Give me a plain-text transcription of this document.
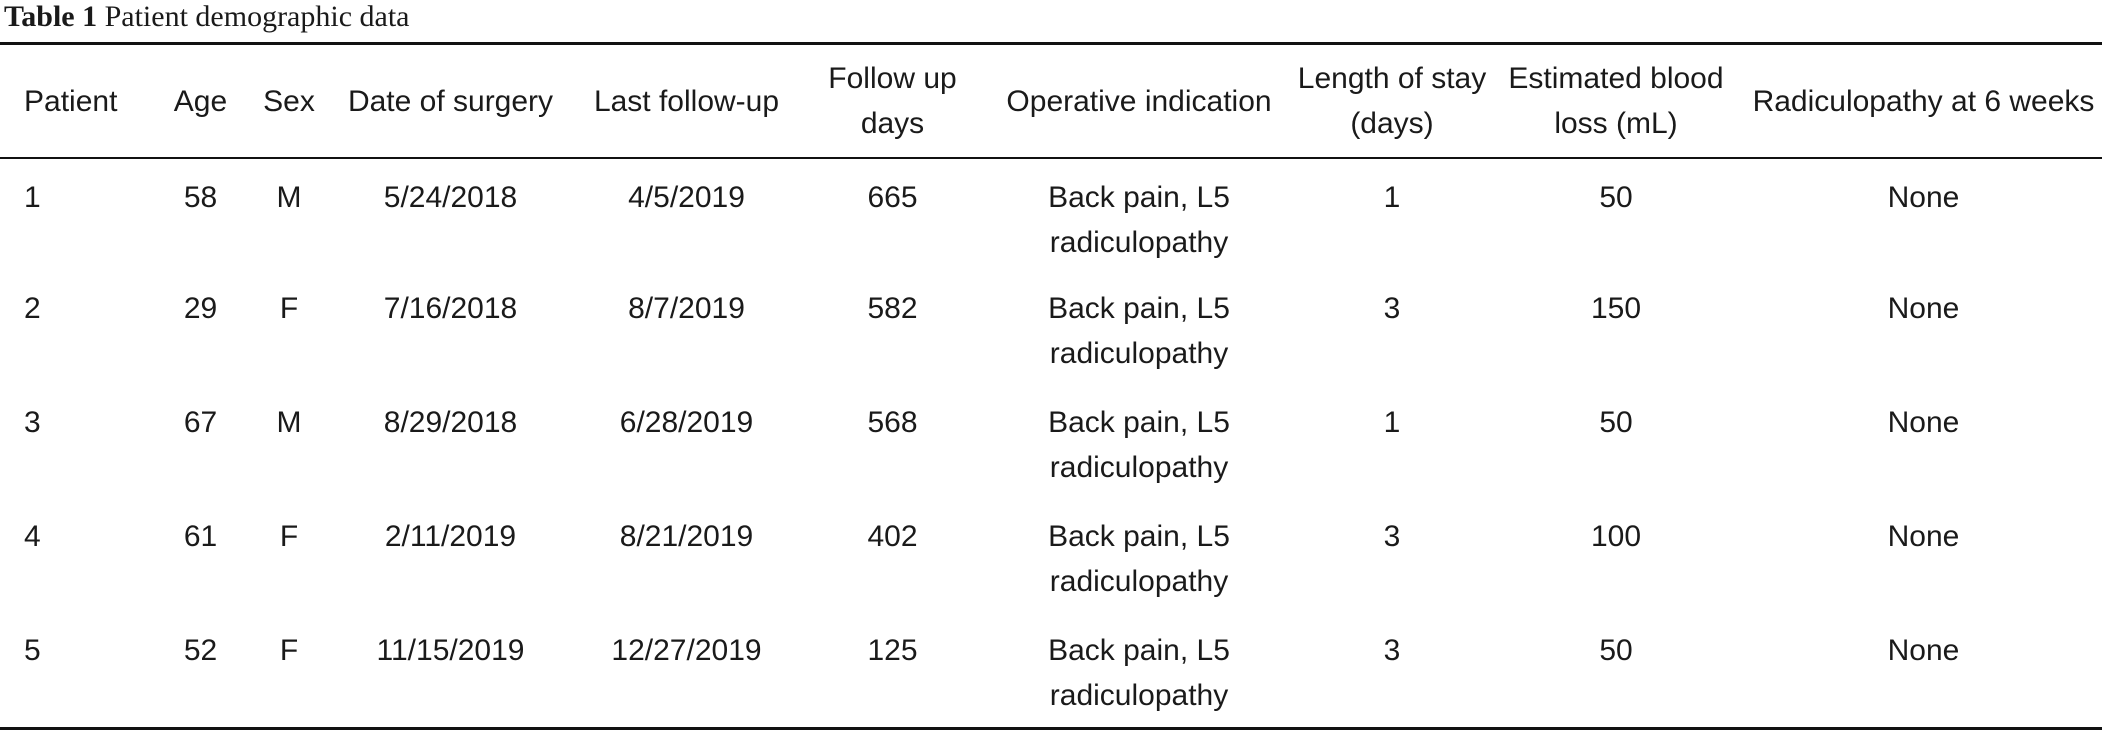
Table 1 Patient demographic data
Patient	Age	Sex	Date of surgery	Last follow-up	Follow up days	Operative indication	Length of stay (days)	Estimated blood loss (mL)	Radiculopathy at 6 weeks
1	58	M	5/24/2018	4/5/2019	665	Back pain, L5 radiculopathy	1	50	None
2	29	F	7/16/2018	8/7/2019	582	Back pain, L5 radiculopathy	3	150	None
3	67	M	8/29/2018	6/28/2019	568	Back pain, L5 radiculopathy	1	50	None
4	61	F	2/11/2019	8/21/2019	402	Back pain, L5 radiculopathy	3	100	None
5	52	F	11/15/2019	12/27/2019	125	Back pain, L5 radiculopathy	3	50	None
